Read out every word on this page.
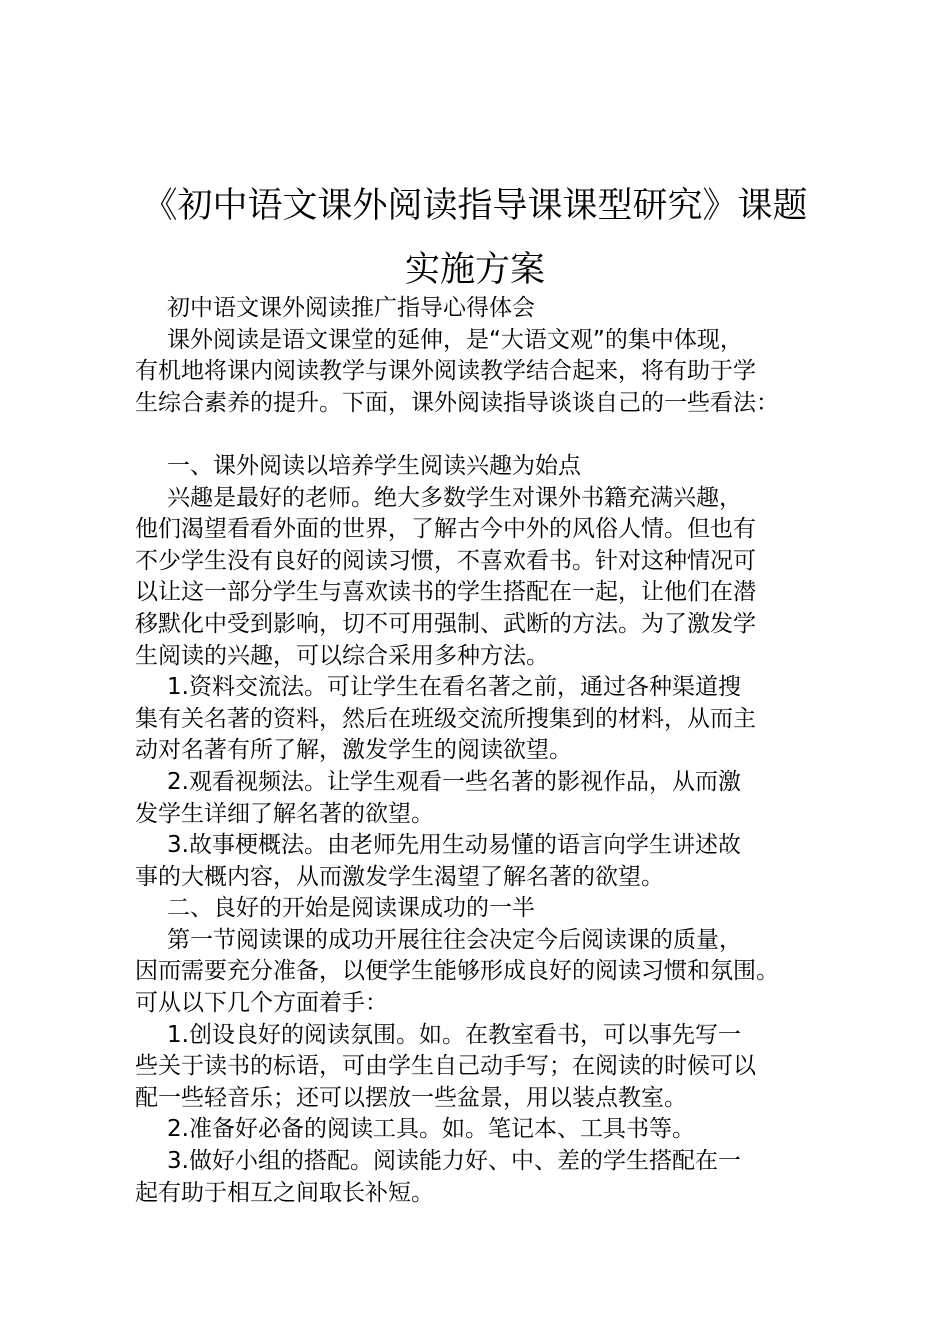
《初中语文课外阅读指导课课型研究》课题
实施方案

初中语文课外阅读推广指导心得体会

课外阅读是语文课堂的延伸，是“大语文观”的集中体现，

有机地将课内阅读教学与课外阅读教学结合起来，将有助于学

生综合素养的提升。下面，课外阅读指导谈谈自己的一些看法：

一、课外阅读以培养学生阅读兴趣为始点

兴趣是最好的老师。绝大多数学生对课外书籍充满兴趣，

他们渴望看看外面的世界，了解古今中外的风俗人情。但也有

不少学生没有良好的阅读习惯，不喜欢看书。针对这种情况可

以让这一部分学生与喜欢读书的学生搭配在一起，让他们在潜

移默化中受到影响，切不可用强制、武断的方法。为了激发学

生阅读的兴趣，可以综合采用多种方法。

1.资料交流法。可让学生在看名著之前，通过各种渠道搜

集有关名著的资料，然后在班级交流所搜集到的材料，从而主

动对名著有所了解，激发学生的阅读欲望。

2.观看视频法。让学生观看一些名著的影视作品，从而激

发学生详细了解名著的欲望。

3.故事梗概法。由老师先用生动易懂的语言向学生讲述故

事的大概内容，从而激发学生渴望了解名著的欲望。

二、良好的开始是阅读课成功的一半

第一节阅读课的成功开展往往会决定今后阅读课的质量，

因而需要充分准备，以便学生能够形成良好的阅读习惯和氛围。

可从以下几个方面着手：

1.创设良好的阅读氛围。如。在教室看书，可以事先写一

些关于读书的标语，可由学生自己动手写；在阅读的时候可以

配一些轻音乐；还可以摆放一些盆景，用以装点教室。

2.准备好必备的阅读工具。如。笔记本、工具书等。

3.做好小组的搭配。阅读能力好、中、差的学生搭配在一

起有助于相互之间取长补短。
